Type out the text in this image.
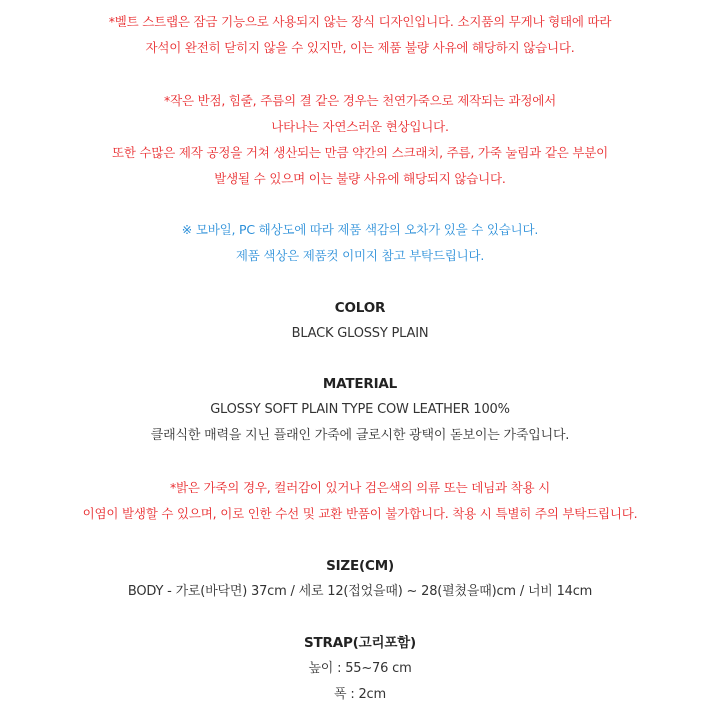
*벨트 스트랩은 잠금 기능으로 사용되지 않는 장식 디자인입니다. 소지품의 무게나 형태에 따라
자석이 완전히 닫히지 않을 수 있지만, 이는 제품 불량 사유에 해당하지 않습니다.
*작은 반점, 힘줄, 주름의 결 같은 경우는 천연가죽으로 제작되는 과정에서
나타나는 자연스러운 현상입니다.
또한 수많은 제작 공정을 거쳐 생산되는 만큼 약간의 스크래치, 주름, 가죽 눌림과 같은 부분이
발생될 수 있으며 이는 불량 사유에 해당되지 않습니다.
※ 모바일, PC 해상도에 따라 제품 색감의 오차가 있을 수 있습니다.
제품 색상은 제품컷 이미지 참고 부탁드립니다.
COLOR
BLACK GLOSSY PLAIN
MATERIAL
GLOSSY SOFT PLAIN TYPE COW LEATHER 100%
클래식한 매력을 지닌 플래인 가죽에 글로시한 광택이 돋보이는 가죽입니다.
*밝은 가죽의 경우, 컬러감이 있거나 검은색의 의류 또는 데님과 착용 시
이염이 발생할 수 있으며, 이로 인한 수선 및 교환 반품이 불가합니다. 착용 시 특별히 주의 부탁드립니다.
SIZE(CM)
BODY - 가로(바닥면) 37cm / 세로 12(접었을때) ~ 28(펼쳤을때)cm / 너비 14cm
STRAP(고리포함)
높이 : 55~76 cm
폭 : 2cm
